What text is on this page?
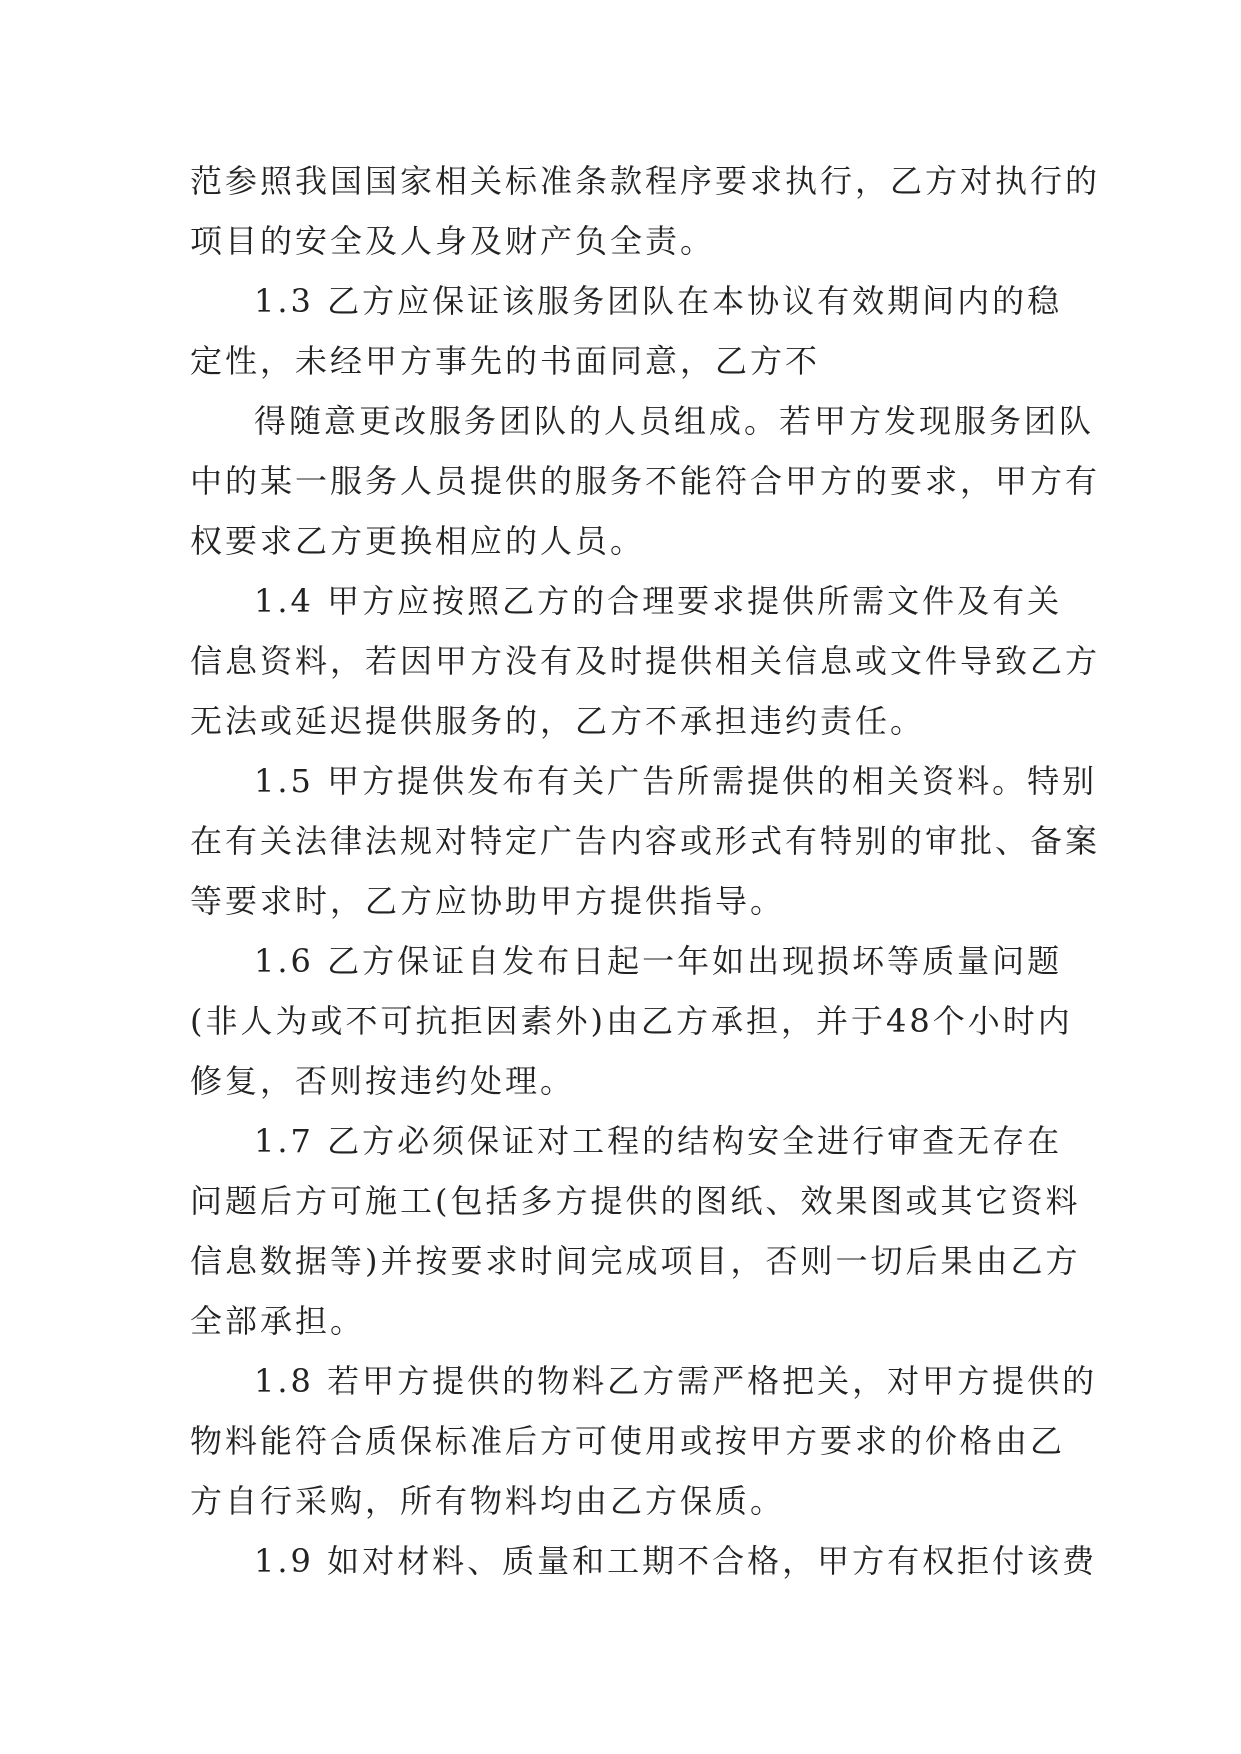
范参照我国国家相关标准条款程序要求执行，乙方对执行的
项目的安全及人身及财产负全责。
1.3 乙方应保证该服务团队在本协议有效期间内的稳
定性，未经甲方事先的书面同意，乙方不
得随意更改服务团队的人员组成。若甲方发现服务团队
中的某一服务人员提供的服务不能符合甲方的要求，甲方有
权要求乙方更换相应的人员。
1.4 甲方应按照乙方的合理要求提供所需文件及有关
信息资料，若因甲方没有及时提供相关信息或文件导致乙方
无法或延迟提供服务的，乙方不承担违约责任。
1.5 甲方提供发布有关广告所需提供的相关资料。特别
在有关法律法规对特定广告内容或形式有特别的审批、备案
等要求时，乙方应协助甲方提供指导。
1.6 乙方保证自发布日起一年如出现损坏等质量问题
(非人为或不可抗拒因素外)由乙方承担，并于48个小时内
修复，否则按违约处理。
1.7 乙方必须保证对工程的结构安全进行审查无存在
问题后方可施工(包括多方提供的图纸、效果图或其它资料
信息数据等)并按要求时间完成项目，否则一切后果由乙方
全部承担。
1.8 若甲方提供的物料乙方需严格把关，对甲方提供的
物料能符合质保标准后方可使用或按甲方要求的价格由乙
方自行采购，所有物料均由乙方保质。
1.9 如对材料、质量和工期不合格，甲方有权拒付该费
